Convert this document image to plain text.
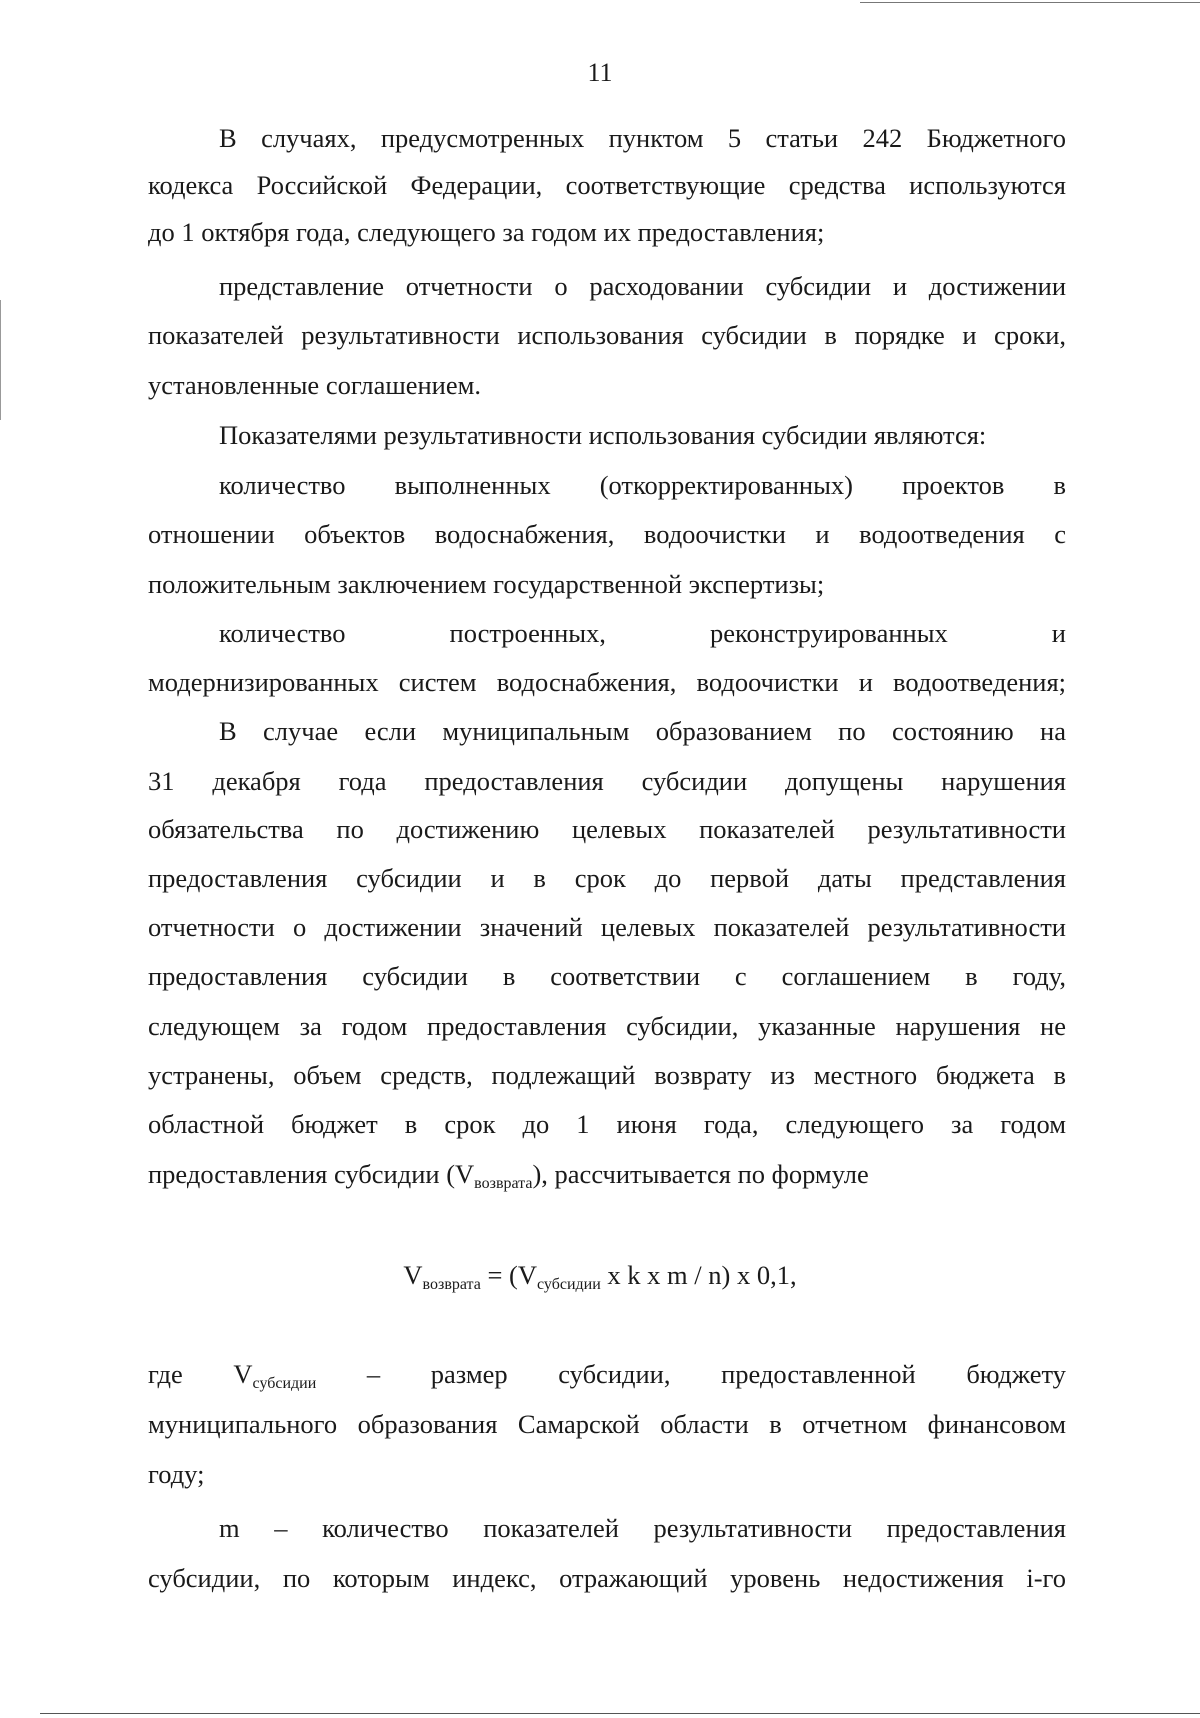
11
В случаях, предусмотренных пунктом 5 статьи 242 Бюджетного
кодекса Российской Федерации, соответствующие средства используются
до 1 октября года, следующего за годом их предоставления;
представление отчетности о расходовании субсидии и достижении
показателей результативности использования субсидии в порядке и сроки,
установленные соглашением.
Показателями результативности использования субсидии являются:
количество выполненных (откорректированных) проектов в
отношении объектов водоснабжения, водоочистки и водоотведения с
положительным заключением государственной экспертизы;
количество построенных, реконструированных и
модернизированных систем водоснабжения, водоочистки и водоотведения;
В случае если муниципальным образованием по состоянию на
31 декабря года предоставления субсидии допущены нарушения
обязательства по достижению целевых показателей результативности
предоставления субсидии и в срок до первой даты представления
отчетности о достижении значений целевых показателей результативности
предоставления субсидии в соответствии с соглашением в году,
следующем за годом предоставления субсидии, указанные нарушения не
устранены, объем средств, подлежащий возврату из местного бюджета в
областной бюджет в срок до 1 июня года, следующего за годом
предоставления субсидии $(V_{возврата})$, рассчитывается по формуле
$V_{возврата} = (V_{субсидии}$ x k x m / n) x 0,1,
где $V_{субсидии}$ – размер субсидии, предоставленной бюджету
муниципального образования Самарской области в отчетном финансовом
году;
m – количество показателей результативности предоставления
субсидии, по которым индекс, отражающий уровень недостижения i-го
